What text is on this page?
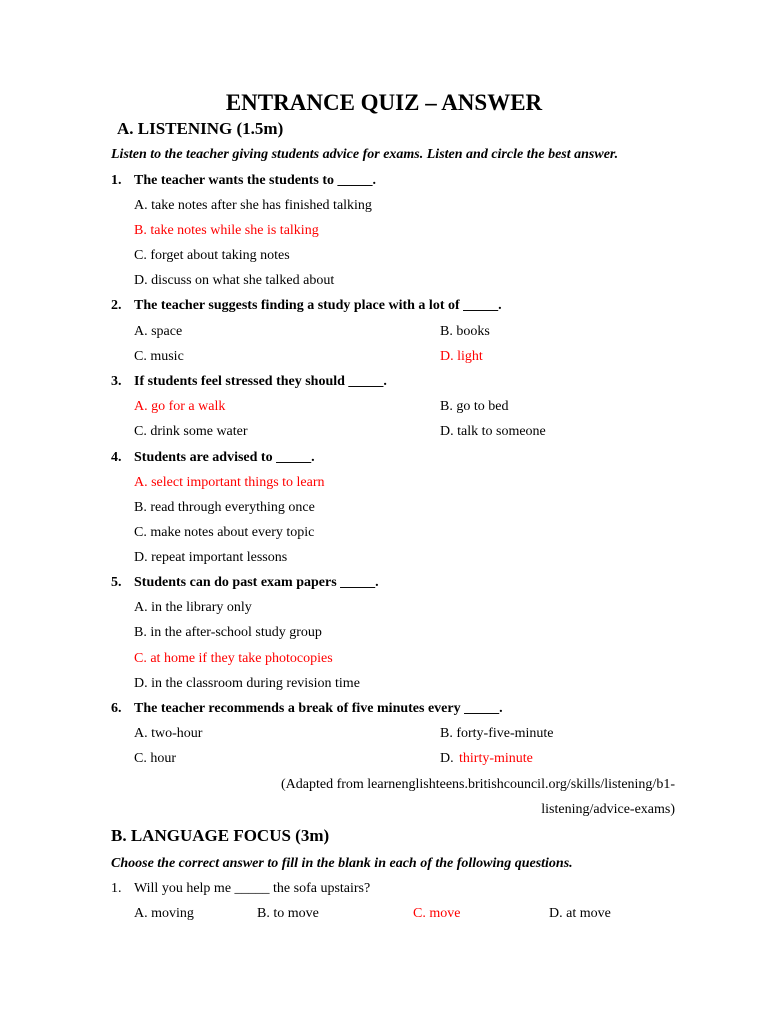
ENTRANCE QUIZ – ANSWER
A. LISTENING (1.5m)
Listen to the teacher giving students advice for exams. Listen and circle the best answer.
1. The teacher wants the students to _____.
A. take notes after she has finished talking
B. take notes while she is talking
C. forget about taking notes
D. discuss on what she talked about
2. The teacher suggests finding a study place with a lot of _____.
A. space	B. books
C. music	D. light
3. If students feel stressed they should _____.
A. go for a walk	B. go to bed
C. drink some water	D. talk to someone
4. Students are advised to _____.
A. select important things to learn
B. read through everything once
C. make notes about every topic
D. repeat important lessons
5. Students can do past exam papers _____.
A. in the library only
B. in the after-school study group
C. at home if they take photocopies
D. in the classroom during revision time
6. The teacher recommends a break of five minutes every _____.
A. two-hour	B. forty-five-minute
C. hour	D. thirty-minute
(Adapted from learnenglishteens.britishcouncil.org/skills/listening/b1-
listening/advice-exams)
B. LANGUAGE FOCUS (3m)
Choose the correct answer to fill in the blank in each of the following questions.
1. Will you help me _____ the sofa upstairs?
A. moving	B. to move	C. move	D. at move
